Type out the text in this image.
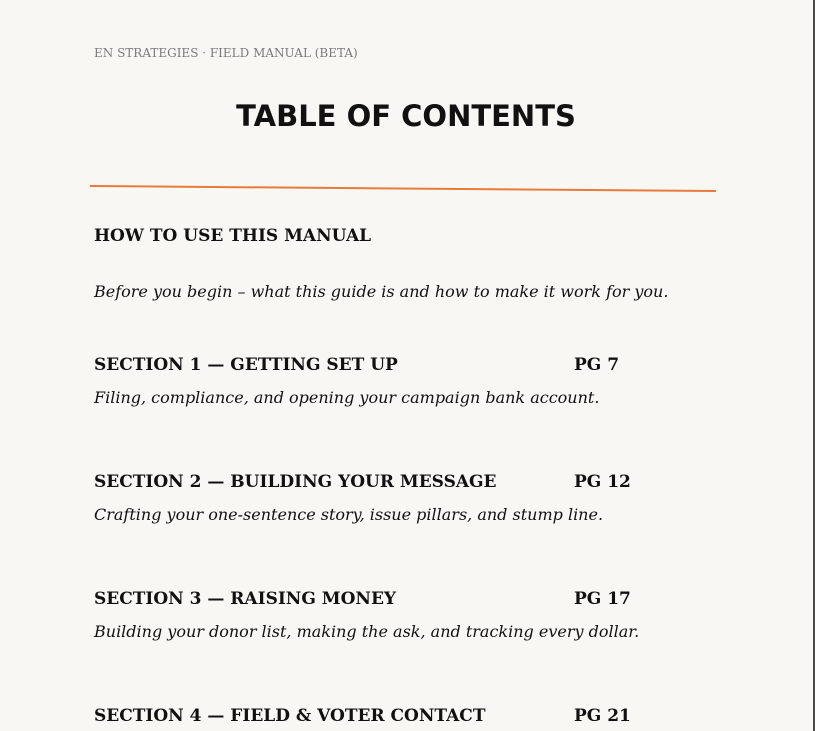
EN STRATEGIES · FIELD MANUAL (BETA)
TABLE OF CONTENTS
HOW TO USE THIS MANUAL
Before you begin – what this guide is and how to make it work for you.
SECTION 1 — GETTING SET UP	PG 7
Filing, compliance, and opening your campaign bank account.
SECTION 2 — BUILDING YOUR MESSAGE	PG 12
Crafting your one-sentence story, issue pillars, and stump line.
SECTION 3 — RAISING MONEY	PG 17
Building your donor list, making the ask, and tracking every dollar.
SECTION 4 — FIELD & VOTER CONTACT	PG 21
